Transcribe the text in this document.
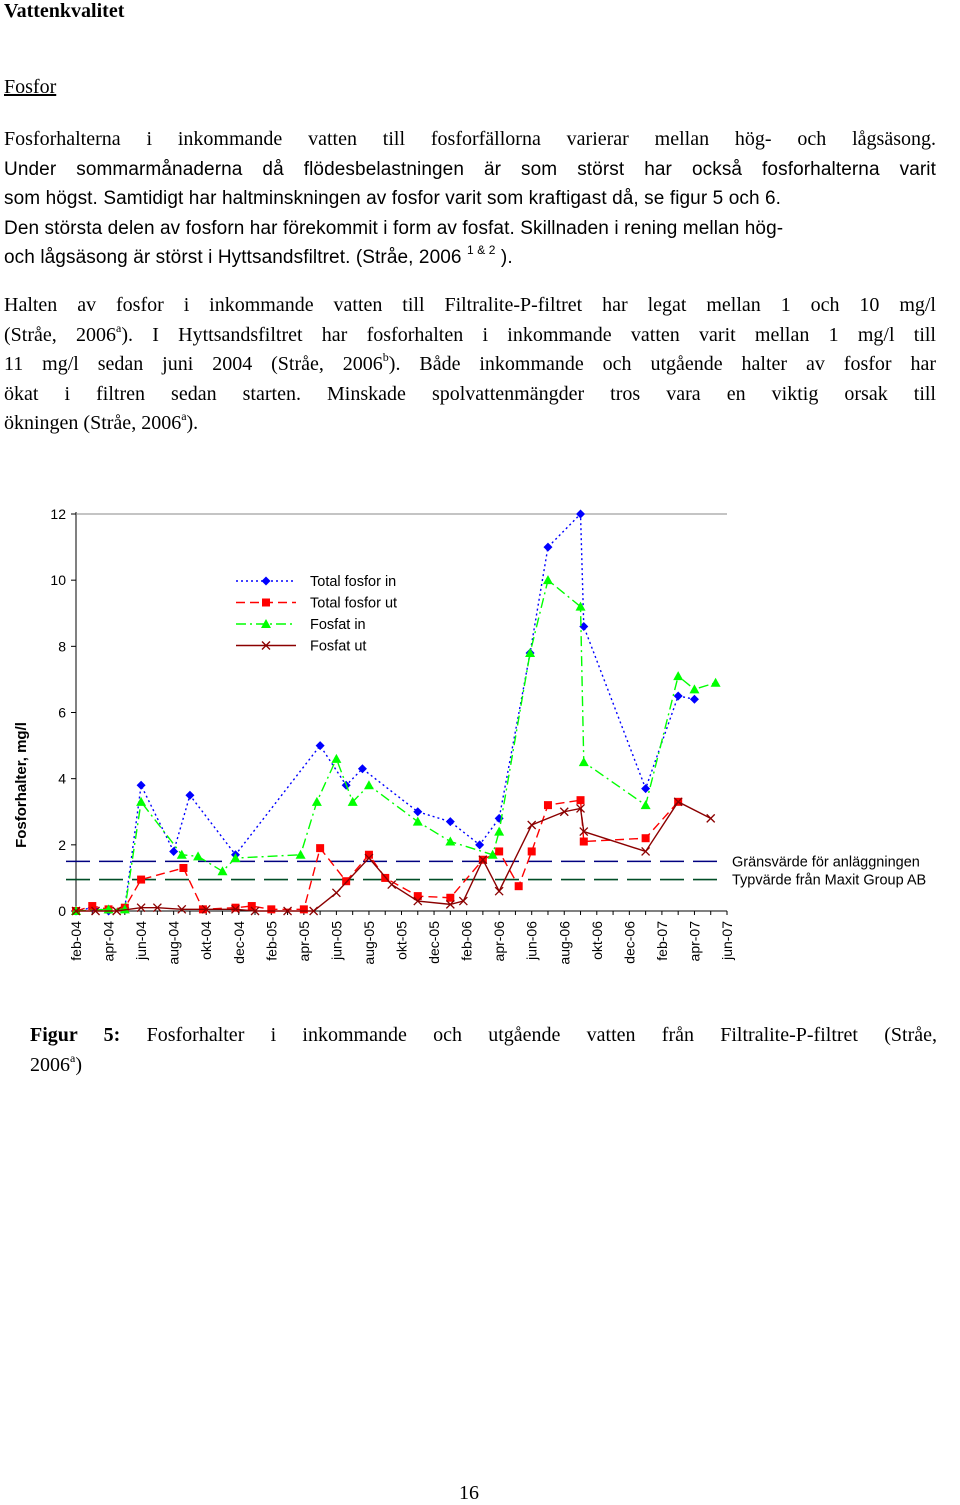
Vattenkvalitet
Fosfor
Fosforhalterna i inkommande vatten till fosforfällorna varierar mellan hög- och lågsäsong.
Under sommarmånaderna då flödesbelastningen är som störst har också fosforhalterna varit
som högst. Samtidigt har haltminskningen av fosfor varit som kraftigast då, se figur 5 och 6.
Den största delen av fosforn har förekommit i form av fosfat. Skillnaden i rening mellan hög-
och lågsäsong är störst i Hyttsandsfiltret. (Stråe, 2006 $^{1 \& 2}$ ).
Halten av fosfor i inkommande vatten till Filtralite-P-filtret har legat mellan 1 och 10 mg/l
(Stråe, 2006$^a$). I Hyttsandsfiltret har fosforhalten i inkommande vatten varit mellan 1 mg/l till
11 mg/l sedan juni 2004 (Stråe, 2006$^b$). Både inkommande och utgående halter av fosfor har
ökat i filtren sedan starten. Minskade spolvattenmängder tros vara en viktig orsak till
ökningen (Stråe, 2006$^a$).
0
2
4
6
8
10
12
feb-04 apr-04 jun-04 aug-04 okt-04 dec-04 feb-05 apr-05 jun-05 aug-05 okt-05 dec-05 feb-06 apr-06 jun-06 aug-06 okt-06 dec-06 feb-07 apr-07 jun-07
Gränsvärde för anläggningen
Typvärde från Maxit Group AB
Total fosfor in
Total fosfor ut
Fosfat in
Fosfat ut
Fosforhalter, mg/l
Figur 5: Fosforhalter i inkommande och utgående vatten från Filtralite-P-filtret (Stråe,
2006$^a$)
16
